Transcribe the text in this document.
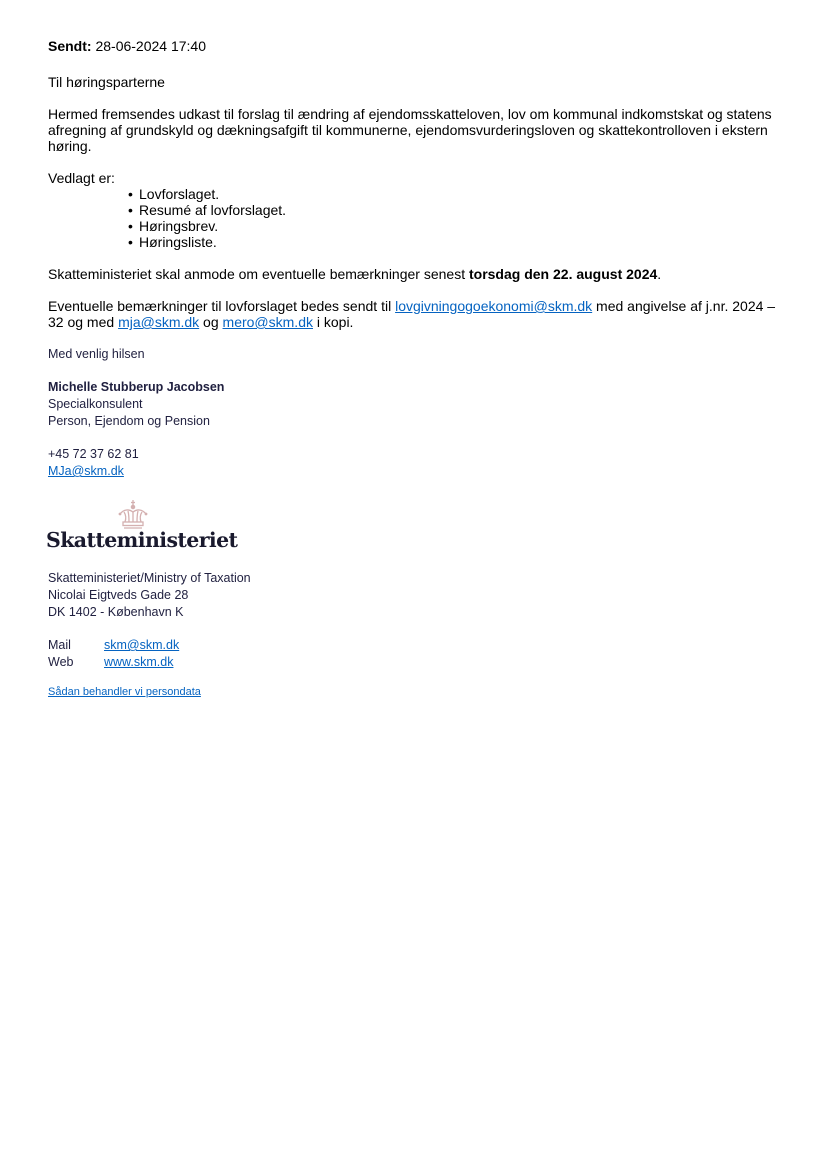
Sendt: 28-06-2024 17:40

Til høringsparterne

Hermed fremsendes udkast til forslag til ændring af ejendomsskatteloven, lov om kommunal indkomstskat og statens afregning af grundskyld og dækningsafgift til kommunerne, ejendomsvurderingsloven og skattekontrolloven i ekstern høring.

Vedlagt er:

• Lovforslaget.
• Resumé af lovforslaget.
• Høringsbrev.
• Høringsliste.

Skatteministeriet skal anmode om eventuelle bemærkninger senest torsdag den 22. august 2024.

Eventuelle bemærkninger til lovforslaget bedes sendt til lovgivningogoekonomi@skm.dk med angivelse af j.nr. 2024 – 32 og med mja@skm.dk og mero@skm.dk i kopi.

Med venlig hilsen

Michelle Stubberup Jacobsen

Specialkonsulent

Person, Ejendom og Pension

+45 72 37 62 81

MJa@skm.dk

Skatteministeriet

Skatteministeriet/Ministry of Taxation

Nicolai Eigtveds Gade 28

DK 1402 - København K

Mail	skm@skm.dk
Web	www.skm.dk

Sådan behandler vi persondata
